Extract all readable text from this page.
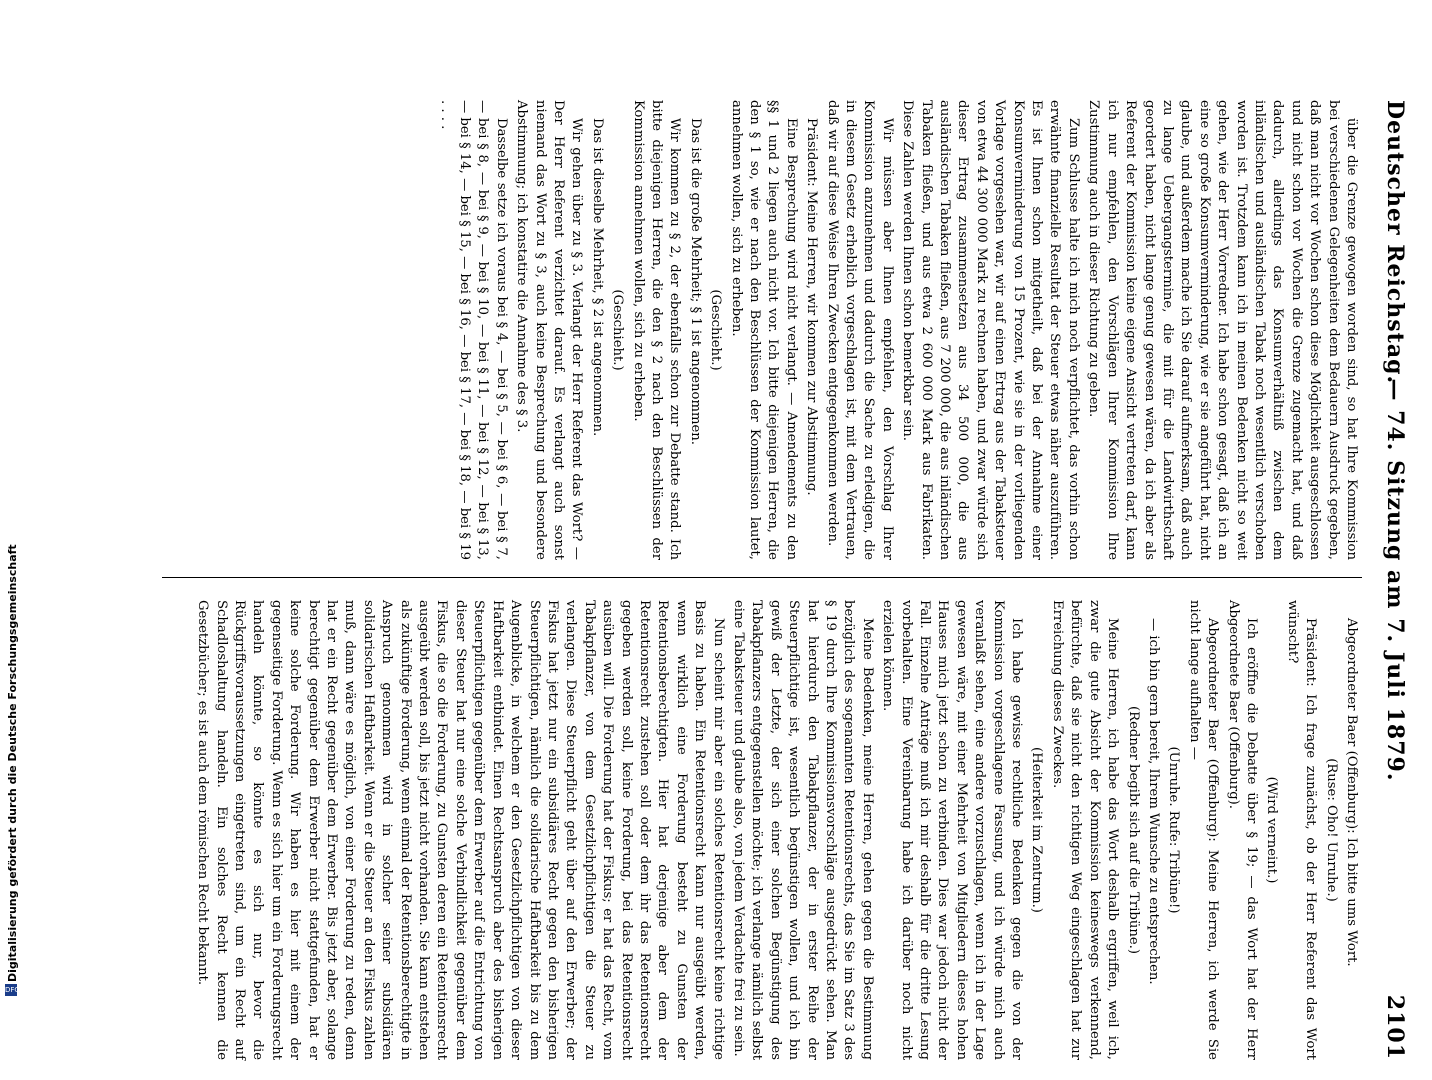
Deutscher Reichstag.
— 74. Sitzung am 7. Juli 1879.
2101

über die Grenze gewogen worden sind, so hat Ihre Kommission bei verschiedenen Gelegenheiten dem Bedauern Ausdruck gegeben, daß man nicht vor Wochen schon diese Möglichkeit ausgeschlossen und nicht schon vor Wochen die Grenze zugemacht hat, und daß dadurch, allerdings das Konsumverhältniß zwischen dem inländischen und ausländischen Tabak noch wesentlich verschoben worden ist. Trotzdem kann ich in meinen Bedenken nicht so weit gehen, wie der Herr Vorredner. Ich habe schon gesagt, daß ich an eine so große Konsumverminderung, wie er sie angeführt hat, nicht glaube, und außerdem mache ich Sie darauf aufmerksam, daß auch zu lange Uebergangstermine, die mit für die Landwirthschaft geordert haben, nicht lange genug gewesen wären, da ich aber als Referent der Kommission keine eigene Ansicht vertreten darf, kann ich nur empfehlen, den Vorschlägen Ihrer Kommission Ihre Zustimmung auch in dieser Richtung zu geben.

Zum Schlusse halte ich mich noch verpflichtet, das vorhin schon erwähnte finanzielle Resultat der Steuer etwas näher auszuführen. Es ist Ihnen schon mitgetheilt, daß bei der Annahme einer Konsumverminderung von 15 Prozent, wie sie in der vorliegenden Vorlage vorgesehen war, wir auf einen Ertrag aus der Tabaksteuer von etwa 44 300 000 Mark zu rechnen haben, und zwar würde sich dieser Ertrag zusammensetzen aus 34 500 000, die aus ausländischen Tabaken fließen, aus 7 200 000, die aus inländischen Tabaken fließen, und aus etwa 2 600 000 Mark aus Fabrikaten. Diese Zahlen werden Ihnen schon bemerkbar sein.

Wir müssen aber Ihnen empfehlen, den Vorschlag Ihrer Kommission anzunehmen und dadurch die Sache zu erledigen, die in diesem Gesetz erheblich vorgeschlagen ist, mit dem Vertrauen, daß wir auf diese Weise Ihren Zwecken entgegenkommen werden.

Präsident: Meine Herren, wir kommen zur Abstimmung.

Eine Besprechung wird nicht verlangt. — Amendements zu den §§ 1 und 2 liegen auch nicht vor. Ich bitte diejenigen Herren, die den § 1 so, wie er nach den Beschlüssen der Kommission lautet, annehmen wollen, sich zu erheben.

(Geschieht.)

Das ist die große Mehrheit; § 1 ist angenommen.

Wir kommen zu § 2, der ebenfalls schon zur Debatte stand. Ich bitte diejenigen Herren, die den § 2 nach den Beschlüssen der Kommission annehmen wollen, sich zu erheben.

(Geschieht.)

Das ist dieselbe Mehrheit, § 2 ist angenommen.

Wir gehen über zu § 3. Verlangt der Herr Referent das Wort? — Der Herr Referent verzichtet darauf. Es verlangt auch sonst niemand das Wort zu § 3, auch keine Besprechung und besondere Abstimmung; ich konstatire die Annahme des § 3.

Dasselbe setze ich voraus bei § 4, — bei § 5, — bei § 6, — bei § 7, — bei § 8, — bei § 9, — bei § 10, — bei § 11, — bei § 12, — bei § 13, — bei § 14, — bei § 15, — bei § 16, — bei § 17, — bei § 18, — bei § 19 . . . .

Abgeordneter Baer (Offenburg): Ich bitte ums Wort.

(Ruse: Oho! Unruhe.)

Präsident: Ich frage zunächst, ob der Herr Referent das Wort wünscht?

(Wird verneint.)

Ich eröffne die Debatte über § 19; — das Wort hat der Herr Abgeordnete Baer (Offenburg).

Abgeordneter Baer (Offenburg): Meine Herren, ich werde Sie nicht lange aufhalten —

(Unruhe. Rufe: Tribüne!)

— ich bin gern bereit, Ihrem Wunsche zu entsprechen.

(Redner begibt sich auf die Tribüne.)

Meine Herren, ich habe das Wort deshalb ergriffen, weil ich, zwar die gute Absicht der Kommission keineswegs verkennend, befürchte, daß sie nicht den richtigen Weg eingeschlagen hat zur Erreichung dieses Zweckes.

(Heiterkeit im Zentrum.)

Ich habe gewisse rechtliche Bedenken gegen die von der Kommission vorgeschlagene Fassung, und ich würde mich auch veranlaßt sehen, eine andere vorzuschlagen, wenn ich in der Lage gewesen wäre, mit einer Mehrheit von Mitgliedern dieses hohen Hauses mich jetzt schon zu verbinden. Dies war jedoch nicht der Fall. Einzelne Anträge muß ich mir deshalb für die dritte Lesung vorbehalten. Eine Vereinbarung habe ich darüber noch nicht erzielen können.

Meine Bedenken, meine Herren, gehen gegen die Bestimmung bezüglich des sogenannten Retentionsrechts, das Sie im Satz 3 des § 19 durch Ihre Kommissionsvorschläge ausgedrückt sehen. Man hat hierdurch den Tabakpflanzer, der in erster Reihe der Steuerpflichtige ist, wesentlich begünstigen wollen, und ich bin gewiß der Letzte, der sich einer solchen Begünstigung des Tabakpflanzers entgegenstellen möchte; ich verlange nämlich selbst eine Tabaksteuer und glaube also, von jedem Verdachte frei zu sein.

Nun scheint mir aber ein solches Retentionsrecht keine richtige Basis zu haben. Ein Retentionsrecht kann nur ausgeübt werden, wenn wirklich eine Forderung besteht zu Gunsten der Retentionsberechtigten. Hier hat derjenige aber dem der Retentionsrecht zustehen soll oder dem ihr das Retentionsrecht gegeben werden soll, keine Forderung, bei das Retentionsrecht ausüben will. Die Forderung hat der Fiskus; er hat das Recht, vom Tabakpflanzer, von dem Gesetzlichpflichtigen die Steuer zu verlangen. Diese Steuerpflicht geht über auf den Erwerber; der Fiskus hat jetzt nur ein subsidiäres Recht gegen den bisherigen Steuerpflichtigen, nämlich die solidarische Haftbarkeit bis zu dem Augenblicke, in welchem er den Gesetzlichpflichtigen von dieser Haftbarkeit entbindet. Einen Rechtsanspruch aber des bisherigen Steuerpflichtigen gegenüber dem Erwerber auf die Entrichtung von dieser Steuer hat nur eine solche Verbindlichkeit gegenüber dem Fiskus, die so die Forderung, zu Gunsten deren ein Retentionsrecht ausgeübt werden soll, bis jetzt nicht vorhanden. Sie kann entstehen als zukünftige Forderung, wenn einmal der Retentionsberechtigte in Anspruch genommen wird in solcher seiner subsidiären solidarischen Haftbarkeit. Wenn er die Steuer an den Fiskus zahlen muß, dann wäre es möglich, von einer Forderung zu reden, denn hat er ein Recht gegenüber dem Erwerber. Bis jetzt aber, solange berechtigt gegenüber dem Erwerber nicht stattgefunden, hat er keine solche Forderung. Wir haben es hier mit einem der gegenseitige Forderung. Wenn es sich hier um ein Forderungsrecht handeln könnte, so könnte es sich nur, bevor die Rückgriffsvoraussetzungen eingetreten sind, um ein Recht auf Schadloshaltung handeln. Ein solches Recht kennen die Gesetzbücher; es ist auch dem römischen Recht bekannt.

Digitalisierung gefördert durch die Deutsche Forschungsgemeinschaft
DFG
